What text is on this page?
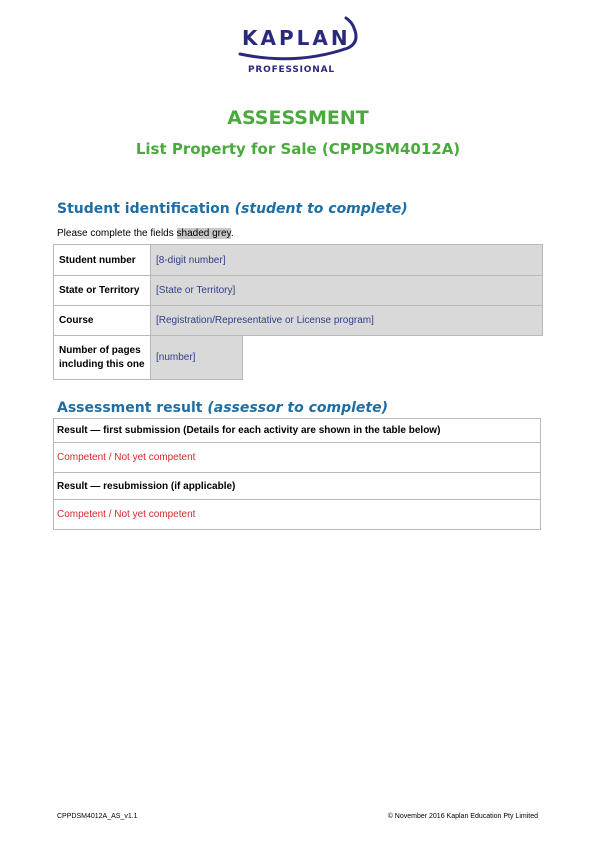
KAPLAN
PROFESSIONAL
ASSESSMENT
List Property for Sale (CPPDSM4012A)
Student identification (student to complete)
Please complete the fields shaded grey.
Student number	[8-digit number]
State or Territory	[State or Territory]
Course	[Registration/Representative or License program]
Number of pages including this one	[number]
Assessment result (assessor to complete)
Result — first submission (Details for each activity are shown in the table below)
Competent / Not yet competent
Result — resubmission (if applicable)
Competent / Not yet competent
CPPDSM4012A_AS_v1.1	© November 2016 Kaplan Education Pty Limited
